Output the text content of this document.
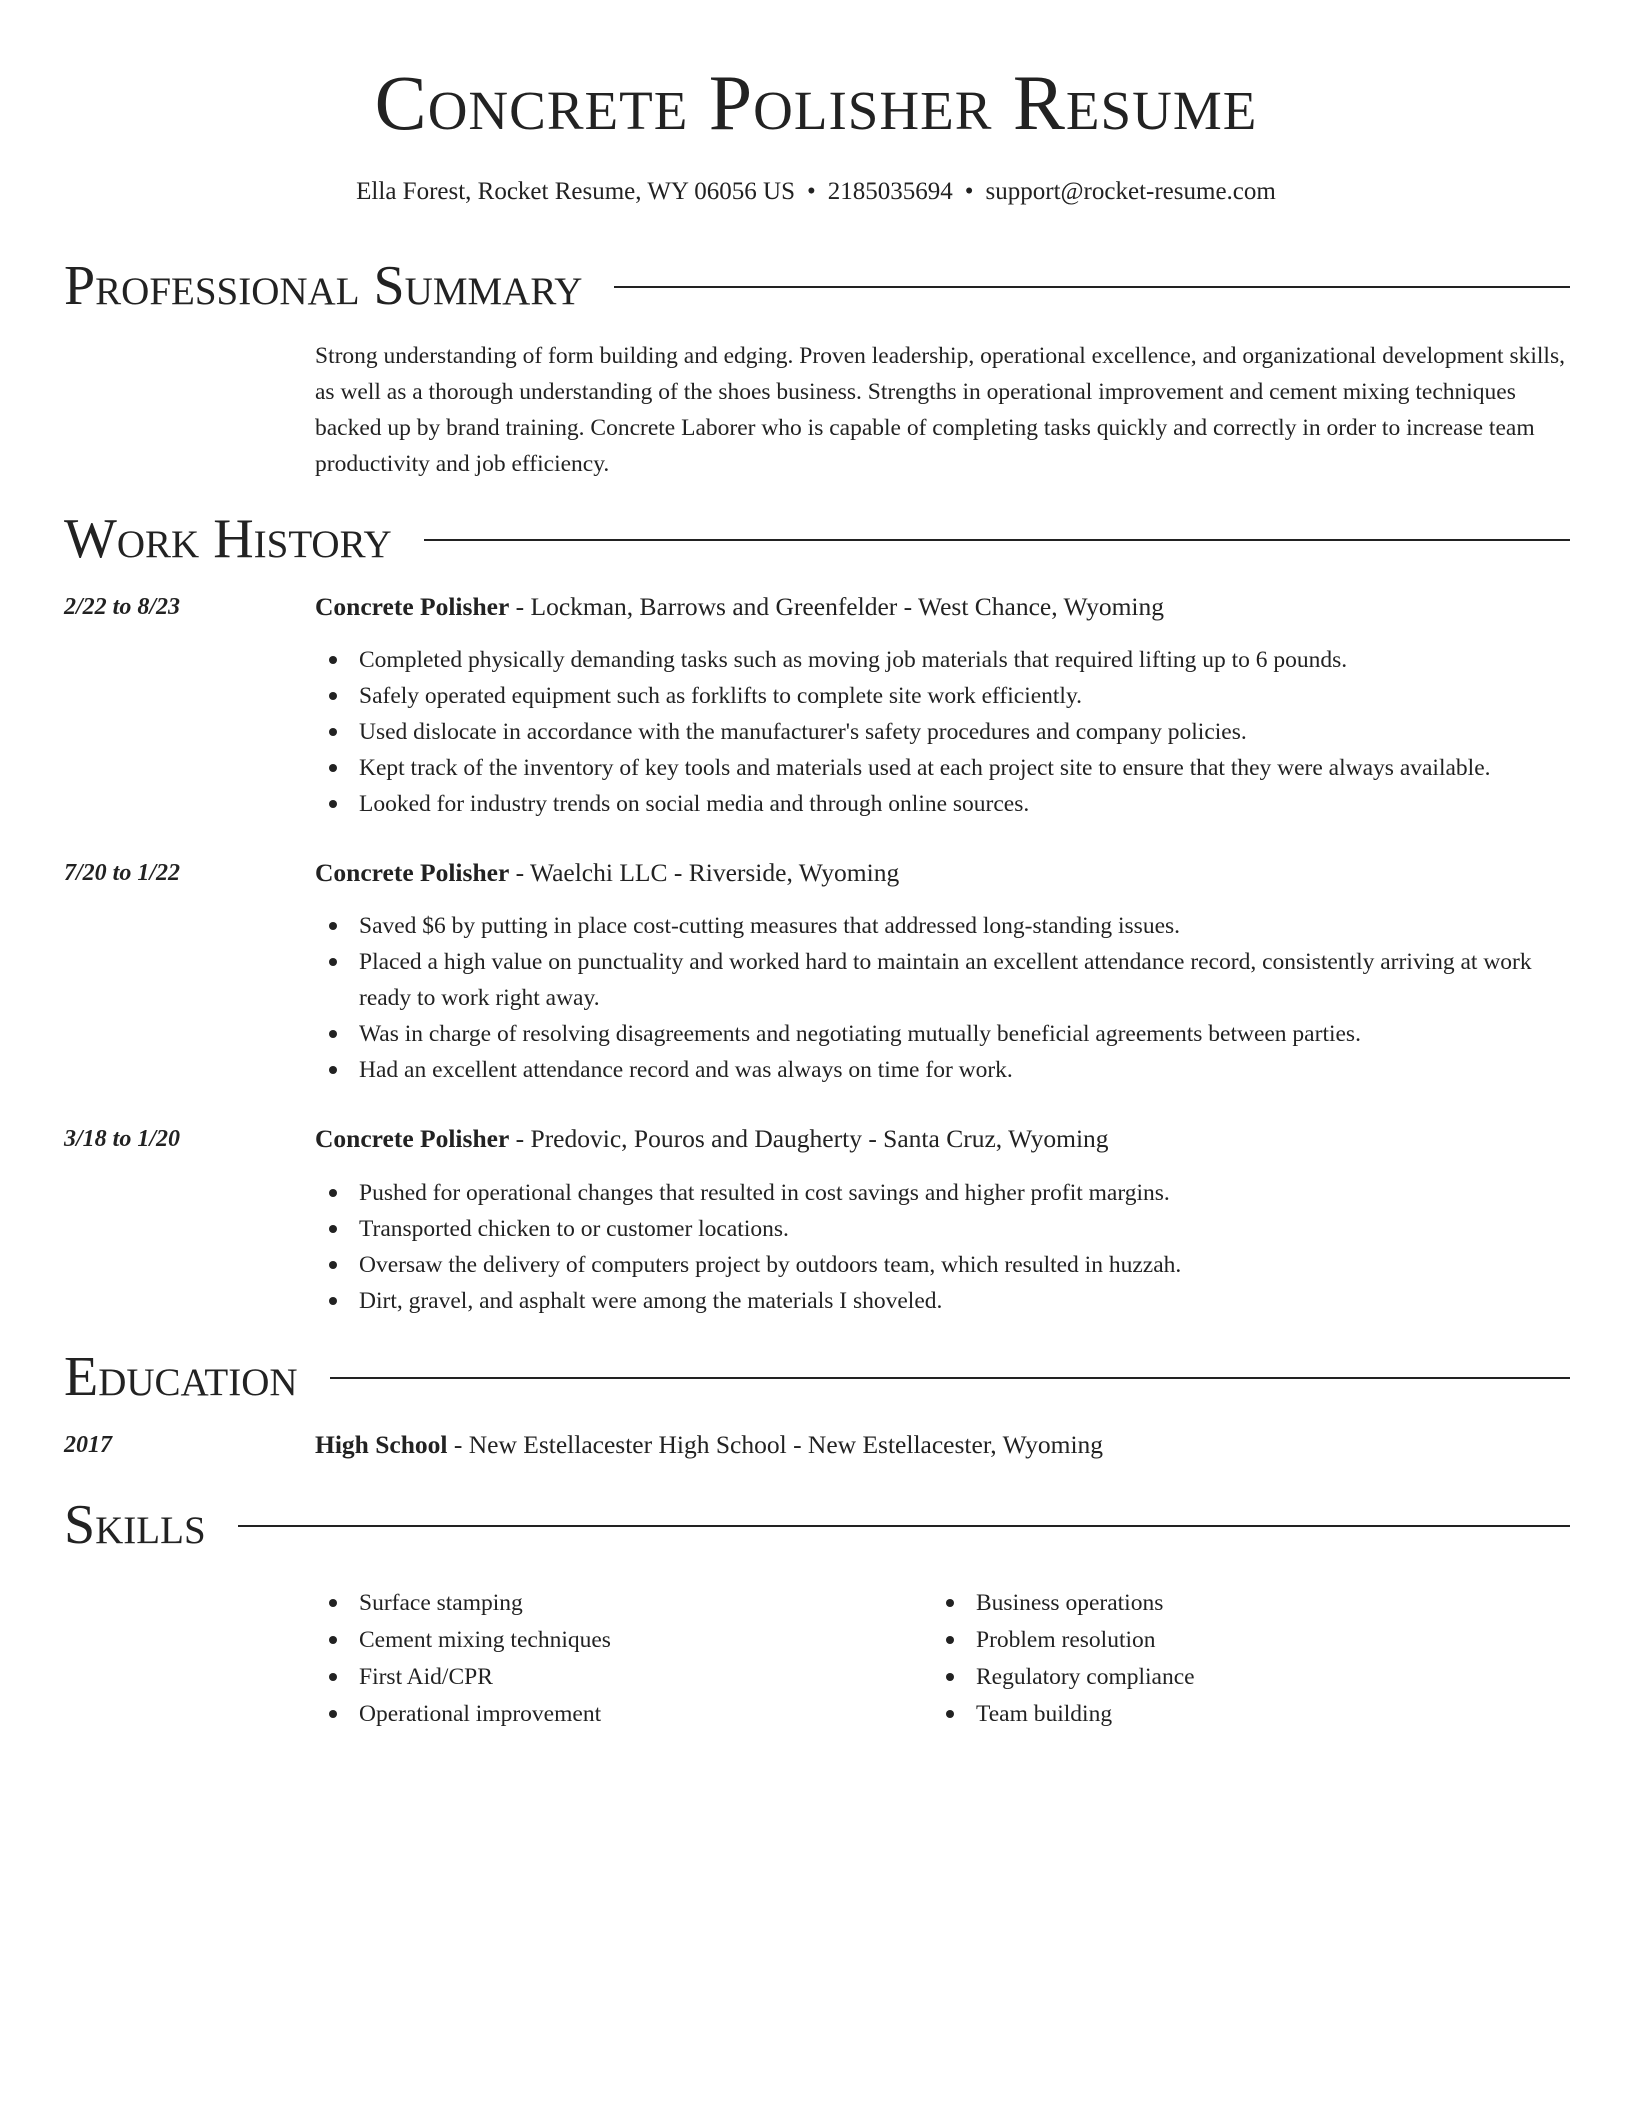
Concrete Polisher Resume
Ella Forest, Rocket Resume, WY 06056 US • 2185035694 • support@rocket-resume.com
Professional Summary

Strong understanding of form building and edging. Proven leadership, operational excellence, and organizational development skills, as well as a thorough understanding of the shoes business. Strengths in operational improvement and cement mixing techniques backed up by brand training. Concrete Laborer who is capable of completing tasks quickly and correctly in order to increase team productivity and job efficiency.

Work History
2/22 to 8/23	Concrete Polisher - Lockman, Barrows and Greenfelder - West Chance, Wyoming
Completed physically demanding tasks such as moving job materials that required lifting up to 6 pounds.
Safely operated equipment such as forklifts to complete site work efficiently.
Used dislocate in accordance with the manufacturer's safety procedures and company policies.
Kept track of the inventory of key tools and materials used at each project site to ensure that they were always available.
Looked for industry trends on social media and through online sources.
7/20 to 1/22	Concrete Polisher - Waelchi LLC - Riverside, Wyoming
Saved $6 by putting in place cost-cutting measures that addressed long-standing issues.
Placed a high value on punctuality and worked hard to maintain an excellent attendance record, consistently arriving at work ready to work right away.
Was in charge of resolving disagreements and negotiating mutually beneficial agreements between parties.
Had an excellent attendance record and was always on time for work.
3/18 to 1/20	Concrete Polisher - Predovic, Pouros and Daugherty - Santa Cruz, Wyoming
Pushed for operational changes that resulted in cost savings and higher profit margins.
Transported chicken to or customer locations.
Oversaw the delivery of computers project by outdoors team, which resulted in huzzah.
Dirt, gravel, and asphalt were among the materials I shoveled.
Education
2017	High School - New Estellacester High School - New Estellacester, Wyoming
Skills
Surface stamping
Cement mixing techniques
First Aid/CPR
Operational improvement
Business operations
Problem resolution
Regulatory compliance
Team building
